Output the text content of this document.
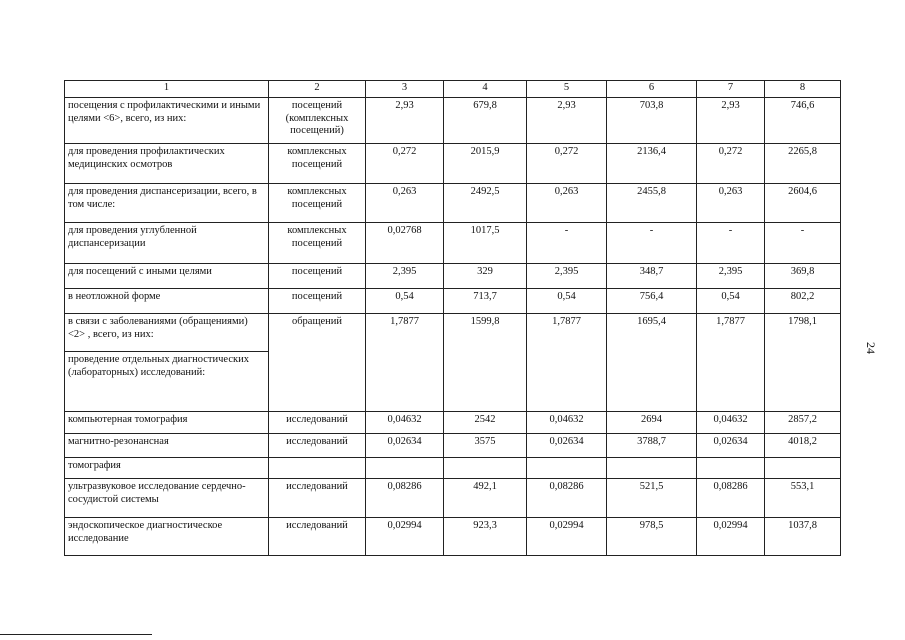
1	2	3	4	5	6	7	8
посещения с профилактическими и иными целями <6>, всего, из них:	посещений (комплексных посещений)	2,93	679,8	2,93	703,8	2,93	746,6
для проведения профилактических медицинских осмотров	комплексных посещений	0,272	2015,9	0,272	2136,4	0,272	2265,8
для проведения диспансеризации, всего, в том числе:	комплексных посещений	0,263	2492,5	0,263	2455,8	0,263	2604,6
для проведения углубленной диспансеризации	комплексных посещений	0,02768	1017,5	-	-	-	-
для посещений с иными целями	посещений	2,395	329	2,395	348,7	2,395	369,8
в неотложной форме	посещений	0,54	713,7	0,54	756,4	0,54	802,2
в связи с заболеваниями (обращениями) <2> , всего, из них:	обращений	1,7877	1599,8	1,7877	1695,4	1,7877	1798,1
проведение отдельных диагностических (лабораторных) исследований:							
компьютерная томография	исследований	0,04632	2542	0,04632	2694	0,04632	2857,2
магнитно-резонансная	исследований	0,02634	3575	0,02634	3788,7	0,02634	4018,2
томография							
ультразвуковое исследование сердечно-сосудистой системы	исследований	0,08286	492,1	0,08286	521,5	0,08286	553,1
эндоскопическое диагностическое исследование	исследований	0,02994	923,3	0,02994	978,5	0,02994	1037,8
24
